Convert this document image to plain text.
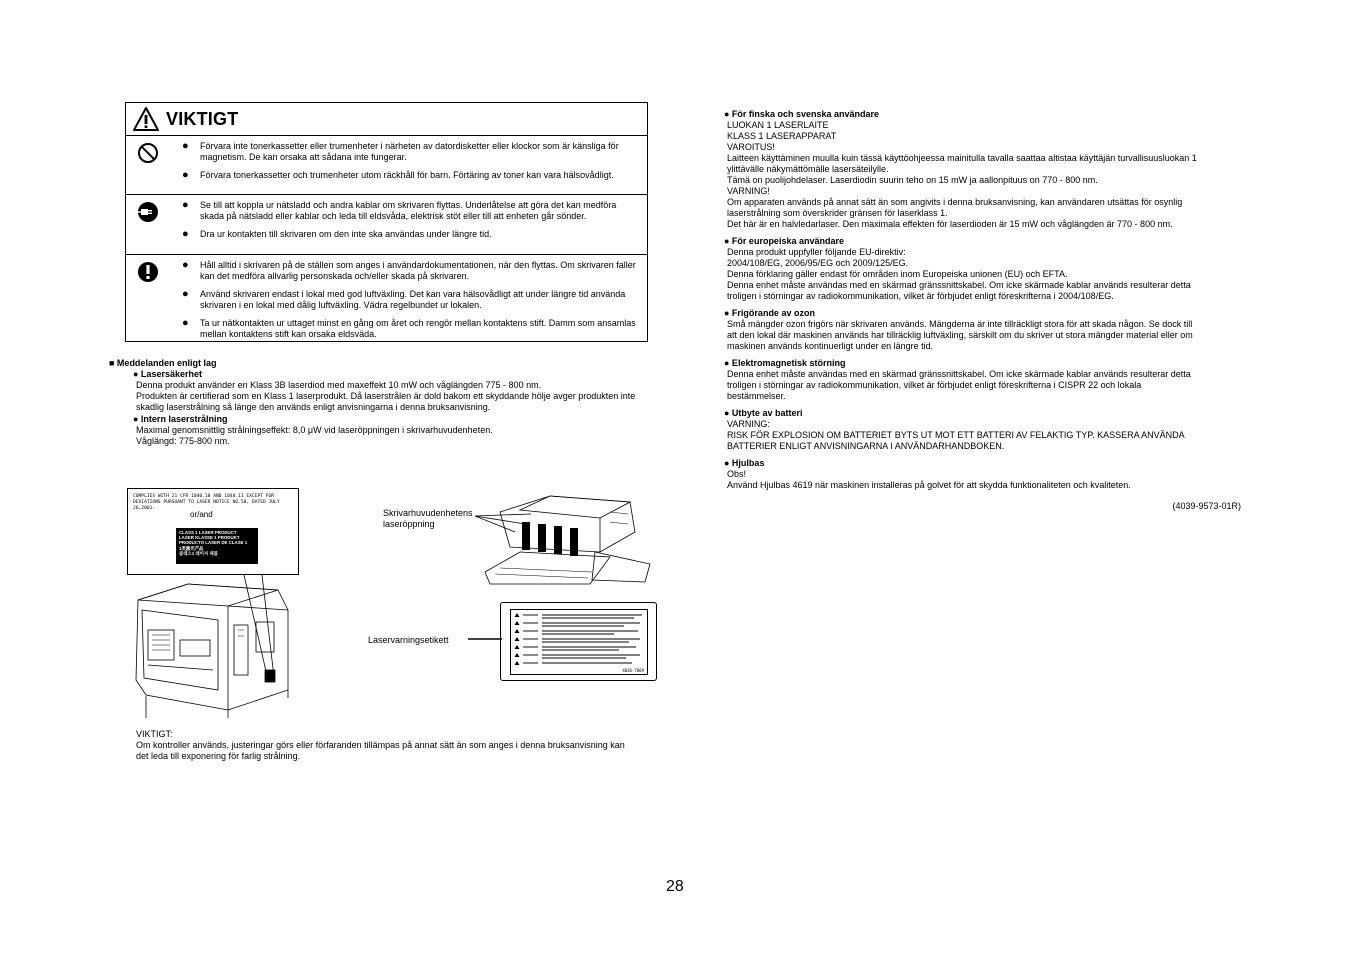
VIKTIGT
●	Förvara inte tonerkassetter eller trumenheter i närheten av datordisketter eller klockor som är känsliga för magnetism. De kan orsaka att sådana inte fungerar.
●	Förvara tonerkassetter och trumenheter utom räckhåll för barn. Förtäring av toner kan vara hälsovådligt.
●	Se till att koppla ur nätsladd och andra kablar om skrivaren flyttas. Underlåtelse att göra det kan medföra skada på nätsladd eller kablar och leda till eldsvåda, elektrisk stöt eller till att enheten går sönder.
●	Dra ur kontakten till skrivaren om den inte ska användas under längre tid.
●	Håll alltid i skrivaren på de ställen som anges i användardokumentationen, när den flyttas. Om skrivaren faller kan det medföra allvarlig personskada och/eller skada på skrivaren.
●	Använd skrivaren endast i lokal med god luftväxling. Det kan vara hälsovådligt att under längre tid använda skrivaren i en lokal med dålig luftväxling. Vädra regelbundet ur lokalen.
●	Ta ur nätkontakten ur uttaget minst en gång om året och rengör mellan kontaktens stift. Damm som ansamlas mellan kontaktens stift kan orsaka eldsväda.
■ Meddelanden enligt lag
● Lasersäkerhet
Denna produkt använder en Klass 3B laserdiod med maxeffekt 10 mW och våglängden 775 - 800 nm.
Produkten är certifierad som en Klass 1 laserprodukt. Då laserstrålen är dold bakom ett skyddande hölje avger produkten inte
skadlig laserstrålning så länge den används enligt anvisningarna i denna bruksanvisning.
● Intern laserstrålning
Maximal genomsnittlig strålningseffekt: 8,0 μW vid laseröppningen i skrivarhuvudenheten.
Våglängd: 775-800 nm.
COMPLIES WITH 21 CFR 1040.10 AND 1040.11 EXCEPT FOR DEVIATIONS PURSUANT TO LASER NOTICE NO.50, DATED JULY 26,2001.
or/and
CLASS 1 LASER PRODUCT
LASER KLASSE 1 PRODUKT
PRODUCTO LASER DE CLASE 1
1类激光产品
클래스1 레이저 제품
Skrivarhuvudenhetens
laseröppning
4036-7009
Laservarningsetikett
VIKTIGT:
Om kontroller används, justeringar görs eller förfaranden tillämpas på annat sätt än som anges i denna bruksanvisning kan
det leda till exponering för farlig strålning.
● För finska och svenska användare
LUOKAN 1 LASERLAITE
KLASS 1 LASERAPPARAT
VAROITUS!
Laitteen käyttäminen muulla kuin tässä käyttöohjeessa mainitulla tavalla saattaa altistaa käyttäjän turvallisuusluokan 1
ylittävälle näkymättömälle lasersäteilylle.
Tämä on puolijohdelaser. Laserdiodin suurin teho on 15 mW ja aallonpituus on 770 - 800 nm.
VARNING!
Om apparaten används på annat sätt än som angivits i denna bruksanvisning, kan användaren utsättas för osynlig
laserstrålning som överskrider gränsen för laserklass 1.
Det här är en halvledarlaser. Den maximala effekten för laserdioden är 15 mW och våglängden är 770 - 800 nm.
● För europeiska användare
Denna produkt uppfyller följande EU-direktiv:
2004/108/EG, 2006/95/EG och 2009/125/EG.
Denna förklaring gäller endast för områden inom Europeiska unionen (EU) och EFTA.
Denna enhet måste användas med en skärmad gränssnittskabel. Om icke skärmade kablar används resulterar detta
troligen i störningar av radiokommunikation, vilket är förbjudet enligt föreskrifterna i 2004/108/EG.
● Frigörande av ozon
Små mängder ozon frigörs när skrivaren används. Mängderna är inte tillräckligt stora för att skada någon. Se dock till
att den lokal där maskinen används har tillräcklig luftväxling, särskilt om du skriver ut stora mängder material eller om
maskinen används kontinuerligt under en längre tid.
● Elektromagnetisk störning
Denna enhet måste användas med en skärmad gränssnittskabel. Om icke skärmade kablar används resulterar detta
troligen i störningar av radiokommunikation, vilket är förbjudet enligt föreskrifterna i CISPR 22 och lokala
bestämmelser.
● Utbyte av batteri
VARNING:
RISK FÖR EXPLOSION OM BATTERIET BYTS UT MOT ETT BATTERI AV FELAKTIG TYP. KASSERA ANVÄNDA
BATTERIER ENLIGT ANVISNINGARNA I ANVÄNDARHANDBOKEN.
● Hjulbas
Obs!
Använd Hjulbas 4619 när maskinen installeras på golvet för att skydda funktionaliteten och kvaliteten.
(4039-9573-01R)
28
